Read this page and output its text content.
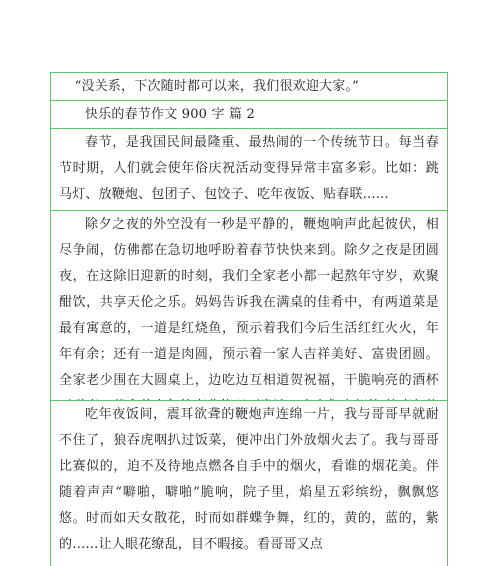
“没关系，下次随时都可以来，我们很欢迎大家。”
快乐的春节作文 900 字 篇 2
春节，是我国民间最隆重、最热闹的一个传统节日。每当春节时期，人们就会使年俗庆祝活动变得异常丰富多彩。比如：跳马灯、放鞭炮、包团子、包饺子、吃年夜饭、贴春联……
除夕之夜的外空没有一秒是平静的，鞭炮响声此起彼伏，相尽争闹，仿佛都在急切地呼盼着春节快快来到。除夕之夜是团圆夜，在这除旧迎新的时刻，我们全家老小都一起熬年守岁，欢聚酣饮，共享天伦之乐。妈妈告诉我在满桌的佳肴中，有两道菜是最有寓意的，一道是红烧鱼，预示着我们今后生活红红火火，年年有余；还有一道是肉圆，预示着一家人吉祥美好、富贵团圆。全家老少围在大圆桌上，边吃边互相道贺祝福，干脆响亮的酒杯
吃年夜饭间，震耳欲聋的鞭炮声连绵一片，我与哥哥早就耐不住了，狼吞虎咽扒过饭菜，便冲出门外放烟火去了。我与哥哥比赛似的，迫不及待地点燃各自手中的烟火，看谁的烟花美。伴随着声声“噼啪，噼啪”脆响，院子里，焰星五彩缤纷，飘飘悠悠。时而如天女散花，时而如群蝶争舞，红的，黄的，蓝的，紫的……让人眼花缭乱，目不暇接。看哥哥又点
